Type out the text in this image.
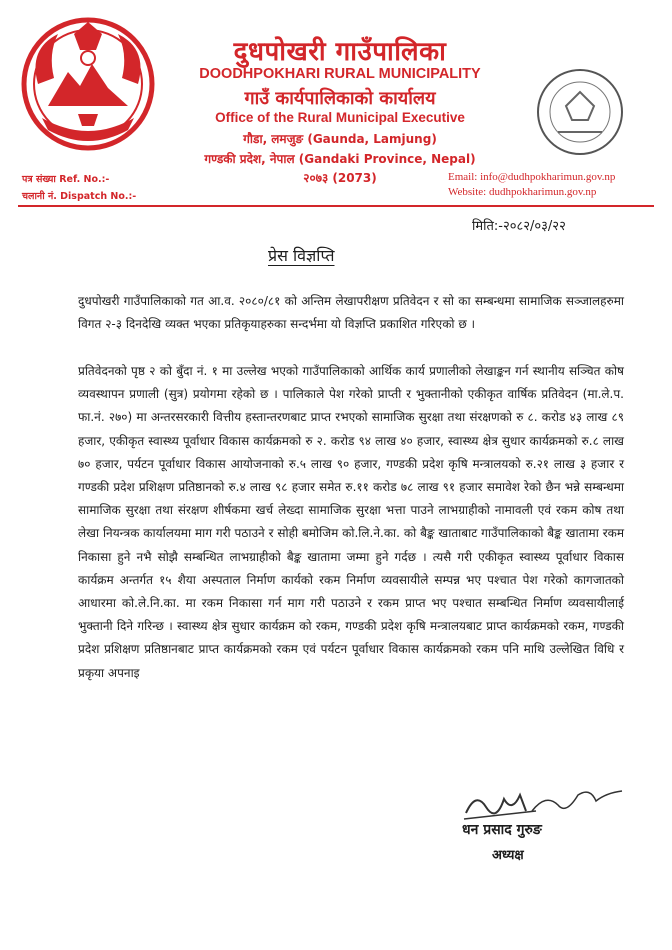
दुधपोखरी गाउँपालिका
DOODHPOKHARI RURAL MUNICIPALITY
गाउँ कार्यपालिकाको कार्यालय
Office of the Rural Municipal Executive
गौडा, लमजुङ (Gaunda, Lamjung)
गण्डकी प्रदेश, नेपाल (Gandaki Province, Nepal)
२०७३ (2073)
पत्र संख्या Ref. No.:-
चलानी नं. Dispatch No.:-
Email: info@dudhpokharimun.gov.np
Website: dudhpokharimun.gov.np
मिति:-२०८२/०३/२२
प्रेस विज्ञप्ति
दुधपोखरी गाउँपालिकाको गत आ.व. २०८०/८१ को अन्तिम लेखापरीक्षण प्रतिवेदन र सो का सम्बन्धमा सामाजिक सञ्जालहरुमा विगत २-३ दिनदेखि व्यक्त भएका प्रतिकृयाहरुका सन्दर्भमा यो विज्ञप्ति प्रकाशित गरिएको छ ।
प्रतिवेदनको पृष्ठ २ को बुँदा नं. १ मा उल्लेख भएको गाउँपालिकाको आर्थिक कार्य प्रणालीको लेखाङ्कन गर्न स्थानीय सञ्चित कोष व्यवस्थापन प्रणाली (सुत्र) प्रयोगमा रहेको छ । पालिकाले पेश गरेको प्राप्ती र भुक्तानीको एकीकृत वार्षिक प्रतिवेदन (मा.ले.प. फा.नं. २७०) मा अन्तरसरकारी वित्तीय हस्तान्तरणबाट प्राप्त रभएको सामाजिक सुरक्षा तथा संरक्षणको रु ८. करोड ४३ लाख ८९ हजार, एकीकृत स्वास्थ्य पूर्वाधार विकास कार्यक्रमको रु २. करोड ९४ लाख ४० हजार, स्वास्थ्य क्षेत्र सुधार कार्यक्रमको रु.८ लाख ७० हजार, पर्यटन पूर्वाधार विकास आयोजनाको रु.५ लाख ९० हजार, गण्डकी प्रदेश कृषि मन्त्रालयको रु.२१ लाख ३ हजार र गण्डकी प्रदेश प्रशिक्षण प्रतिष्ठानको रु.४ लाख ९८ हजार समेत रु.११ करोड ७८ लाख ९१ हजार समावेश रेको छैन भन्ने सम्बन्धमा सामाजिक सुरक्षा तथा संरक्षण शीर्षकमा खर्च लेख्दा सामाजिक सुरक्षा भत्ता पाउने लाभग्राहीको नामावली एवं रकम कोष तथा लेखा नियन्त्रक कार्यालयमा माग गरी पठाउने र सोही बमोजिम को.लि.ने.का. को बैङ्क खाताबाट गाउँपालिकाको बैङ्क खातामा रकम निकासा हुने नभै सोझै सम्बन्धित लाभग्राहीको बैङ्क खातामा जम्मा हुने गर्दछ । त्यसै गरी एकीकृत स्वास्थ्य पूर्वाधार विकास कार्यक्रम अन्तर्गत १५ शैया अस्पताल निर्माण कार्यको रकम निर्माण व्यवसायीले सम्पन्न भए पश्चात पेश गरेको कागजातको आधारमा को.ले.नि.का. मा रकम निकासा गर्न माग गरी पठाउने र रकम प्राप्त भए पश्चात सम्बन्धित निर्माण व्यवसायीलाई भुक्तानी दिने गरिन्छ । स्वास्थ्य क्षेत्र सुधार कार्यक्रम को रकम, गण्डकी प्रदेश कृषि मन्त्रालयबाट प्राप्त कार्यक्रमको रकम, गण्डकी प्रदेश प्रशिक्षण प्रतिष्ठानबाट प्राप्त कार्यक्रमको रकम एवं पर्यटन पूर्वाधार विकास कार्यक्रमको रकम पनि माथि उल्लेखित विधि र प्रकृया अपनाइ
धन प्रसाद गुरुङ
अध्यक्ष
